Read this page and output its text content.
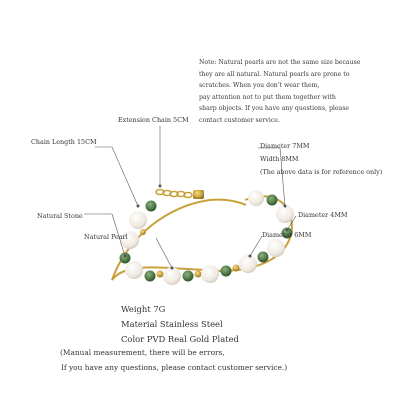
Note: Natural pearls are not the same size because
they are all natural. Natural pearls are prone to
scratches. When you don't wear them,
pay attention not to put them together with
sharp objects. If you have any questions, please
contact customer service.
Extension Chain 5CM
Chain Length 15CM
Natural Stone
Natural Pearl
Diameter 7MM
Width 8MM
(The above data is for reference only)
Diameter 4MM
Diameter 6MM
Weight 7G
Material Stainless Steel
Color PVD Real Gold Plated
(Manual measurement, there will be errors,
If you have any questions, please contact customer service.)
